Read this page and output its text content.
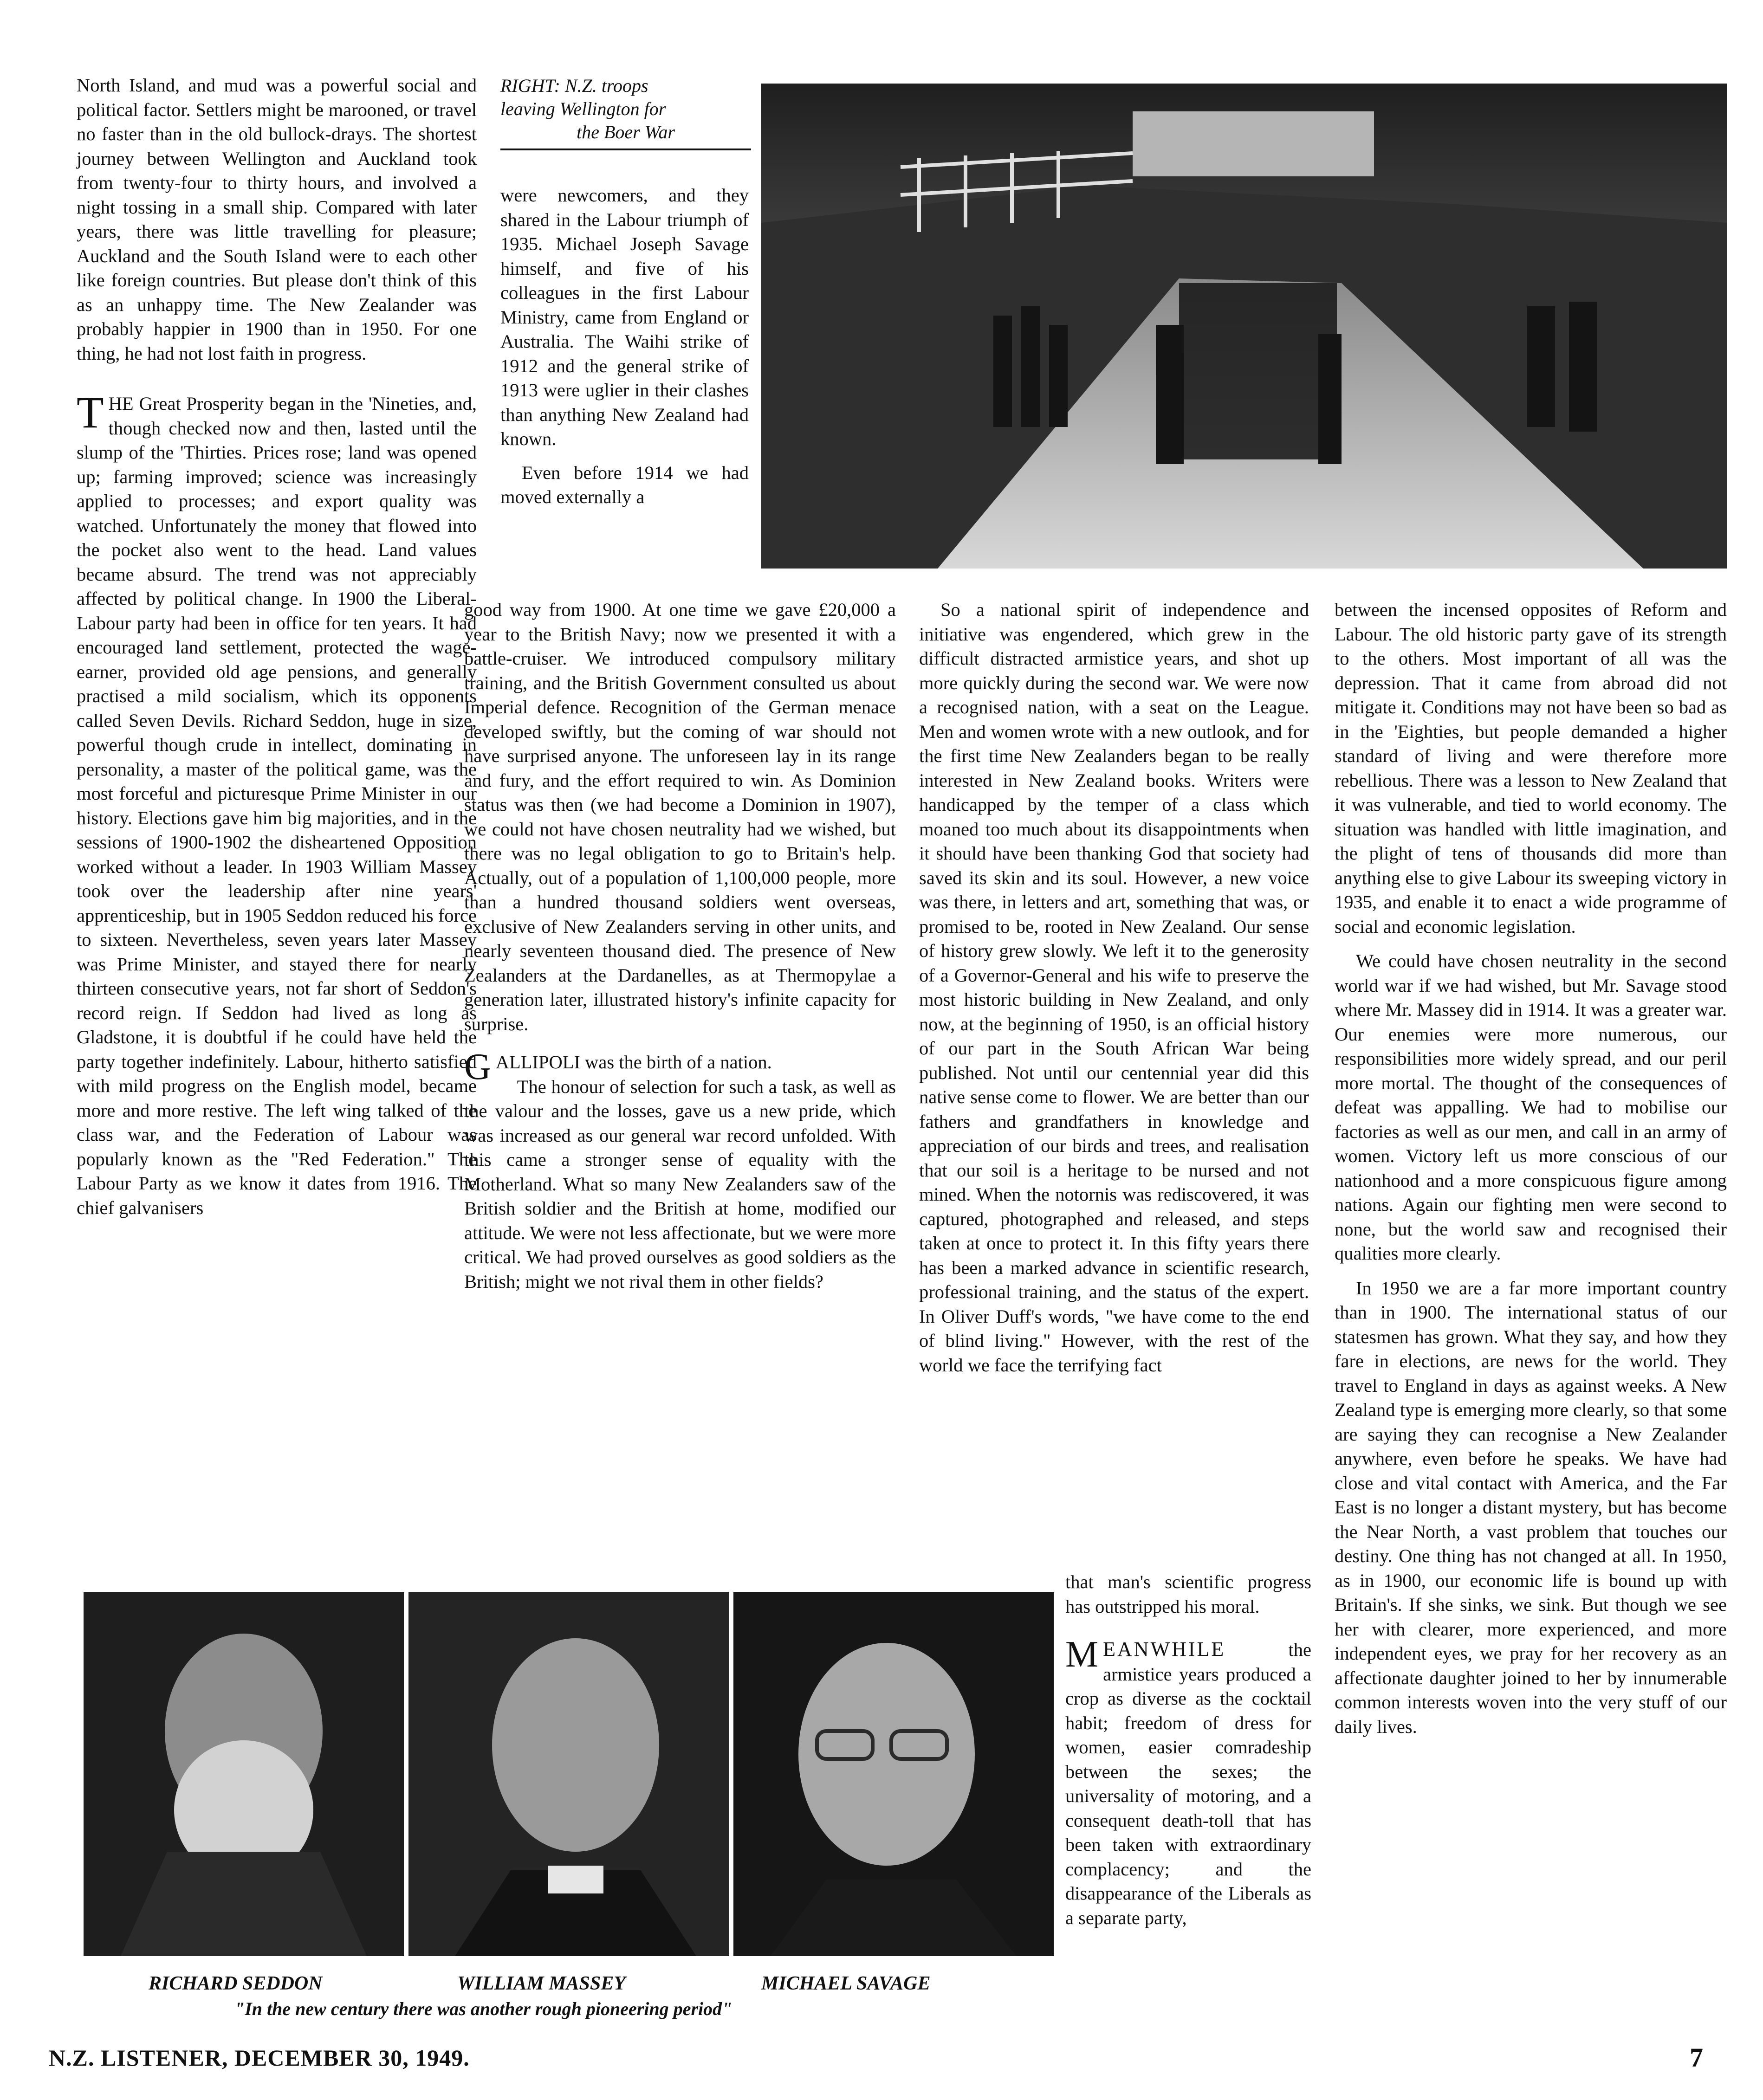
North Island, and mud was a powerful social and political factor. Settlers might be marooned, or travel no faster than in the old bullock-drays. The shortest journey between Wellington and Auckland took from twenty-four to thirty hours, and involved a night tossing in a small ship. Compared with later years, there was little travelling for pleasure; Auckland and the South Island were to each other like foreign countries. But please don't think of this as an unhappy time. The New Zealander was probably happier in 1900 than in 1950. For one thing, he had not lost faith in progress.

THE Great Prosperity began in the 'Nineties, and, though checked now and then, lasted until the slump of the 'Thirties. Prices rose; land was opened up; farming improved; science was increasingly applied to processes; and export quality was watched. Unfortunately the money that flowed into the pocket also went to the head. Land values became absurd. The trend was not appreciably affected by political change. In 1900 the Liberal-Labour party had been in office for ten years. It had encouraged land settlement, protected the wage-earner, provided old age pensions, and generally practised a mild socialism, which its opponents called Seven Devils. Richard Seddon, huge in size, powerful though crude in intellect, dominating in personality, a master of the political game, was the most forceful and picturesque Prime Minister in our history. Elections gave him big majorities, and in the sessions of 1900-1902 the disheartened Opposition worked without a leader. In 1903 William Massey took over the leadership after nine years' apprenticeship, but in 1905 Seddon reduced his force to sixteen. Nevertheless, seven years later Massey was Prime Minister, and stayed there for nearly thirteen consecutive years, not far short of Seddon's record reign. If Seddon had lived as long as Gladstone, it is doubtful if he could have held the party together indefinitely. Labour, hitherto satisfied with mild progress on the English model, became more and more restive. The left wing talked of the class war, and the Federation of Labour was popularly known as the "Red Federation." The Labour Party as we know it dates from 1916. The chief galvanisers

RIGHT: N.Z. troops
leaving Wellington for
the Boer War

were newcomers, and they shared in the Labour triumph of 1935. Michael Joseph Savage himself, and five of his colleagues in the first Labour Ministry, came from England or Australia. The Waihi strike of 1912 and the general strike of 1913 were uglier in their clashes than anything New Zealand had known.

Even before 1914 we had moved externally a

good way from 1900. At one time we gave £20,000 a year to the British Navy; now we presented it with a battle-cruiser. We introduced compulsory military training, and the British Government consulted us about Imperial defence. Recognition of the German menace developed swiftly, but the coming of war should not have surprised anyone. The unforeseen lay in its range and fury, and the effort required to win. As Dominion status was then (we had become a Dominion in 1907), we could not have chosen neutrality had we wished, but there was no legal obligation to go to Britain's help. Actually, out of a population of 1,100,000 people, more than a hundred thousand soldiers went overseas, exclusive of New Zealanders serving in other units, and nearly seventeen thousand died. The presence of New Zealanders at the Dardanelles, as at Thermopylae a generation later, illustrated history's infinite capacity for surprise.

GALLIPOLI was the birth of a nation.

The honour of selection for such a task, as well as the valour and the losses, gave us a new pride, which was increased as our general war record unfolded. With this came a stronger sense of equality with the Motherland. What so many New Zealanders saw of the British soldier and the British at home, modified our attitude. We were not less affectionate, but we were more critical. We had proved ourselves as good soldiers as the British; might we not rival them in other fields?

So a national spirit of independence and initiative was engendered, which grew in the difficult distracted armistice years, and shot up more quickly during the second war. We were now a recognised nation, with a seat on the League. Men and women wrote with a new outlook, and for the first time New Zealanders began to be really interested in New Zealand books. Writers were handicapped by the temper of a class which moaned too much about its disappointments when it should have been thanking God that society had saved its skin and its soul. However, a new voice was there, in letters and art, something that was, or promised to be, rooted in New Zealand. Our sense of history grew slowly. We left it to the generosity of a Governor-General and his wife to preserve the most historic building in New Zealand, and only now, at the beginning of 1950, is an official history of our part in the South African War being published. Not until our centennial year did this native sense come to flower. We are better than our fathers and grandfathers in knowledge and appreciation of our birds and trees, and realisation that our soil is a heritage to be nursed and not mined. When the notornis was rediscovered, it was captured, photographed and released, and steps taken at once to protect it. In this fifty years there has been a marked advance in scientific research, professional training, and the status of the expert. In Oliver Duff's words, "we have come to the end of blind living." However, with the rest of the world we face the terrifying fact

that man's scientific progress has outstripped his moral.

MEANWHILE	the armistice years produced a crop as diverse as the cocktail habit; freedom of dress for women, easier comradeship between the sexes; the universality of motoring, and a consequent death-toll that has been taken with extraordinary complacency; and the disappearance of the Liberals as a separate party,

between the incensed opposites of Reform and Labour. The old historic party gave of its strength to the others. Most important of all was the depression. That it came from abroad did not mitigate it. Conditions may not have been so bad as in the 'Eighties, but people demanded a higher standard of living and were therefore more rebellious. There was a lesson to New Zealand that it was vulnerable, and tied to world economy. The situation was handled with little imagination, and the plight of tens of thousands did more than anything else to give Labour its sweeping victory in 1935, and enable it to enact a wide programme of social and economic legislation.

We could have chosen neutrality in the second world war if we had wished, but Mr. Savage stood where Mr. Massey did in 1914. It was a greater war. Our enemies were more numerous, our responsibilities more widely spread, and our peril more mortal. The thought of the consequences of defeat was appalling. We had to mobilise our factories as well as our men, and call in an army of women. Victory left us more conscious of our nationhood and a more conspicuous figure among nations. Again our fighting men were second to none, but the world saw and recognised their qualities more clearly.

In 1950 we are a far more important country than in 1900. The international status of our statesmen has grown. What they say, and how they fare in elections, are news for the world. They travel to England in days as against weeks. A New Zealand type is emerging more clearly, so that some are saying they can recognise a New Zealander anywhere, even before he speaks. We have had close and vital contact with America, and the Far East is no longer a distant mystery, but has become the Near North, a vast problem that touches our destiny. One thing has not changed at all. In 1950, as in 1900, our economic life is bound up with Britain's. If she sinks, we sink. But though we see her with clearer, more experienced, and more independent eyes, we pray for her recovery as an affectionate daughter joined to her by innumerable common interests woven into the very stuff of our daily lives.

RICHARD SEDDON	WILLIAM MASSEY	MICHAEL SAVAGE
"In the new century there was another rough pioneering period"
N.Z. LISTENER, DECEMBER 30, 1949.	7
